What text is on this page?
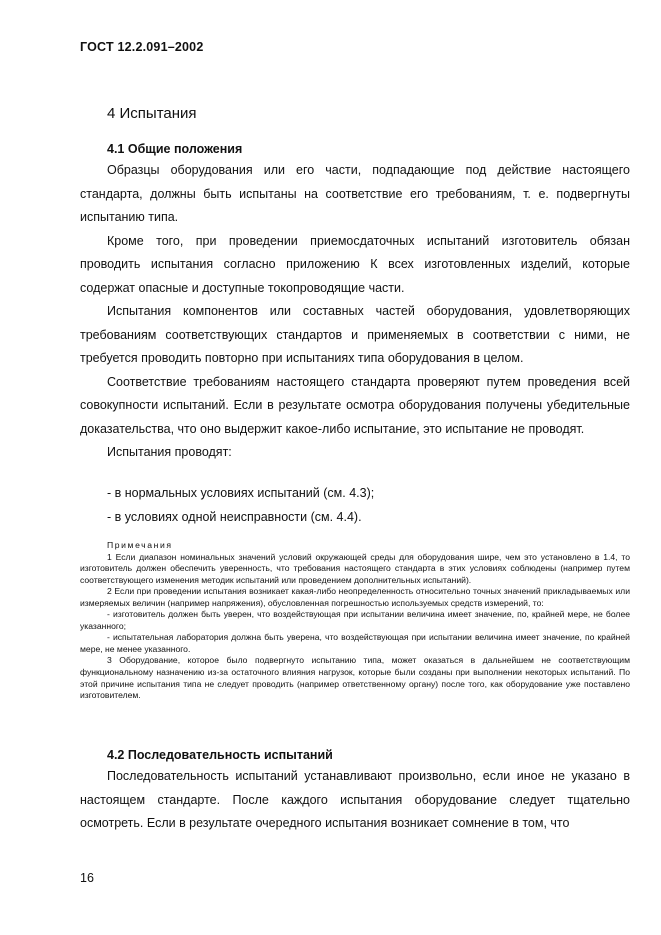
ГОСТ 12.2.091–2002
4 Испытания
4.1 Общие положения

Образцы оборудования или его части, подпадающие под действие настоящего стандарта, должны быть испытаны на соответствие его требованиям, т. е. подвергнуты испытанию типа.

Кроме того, при проведении приемосдаточных испытаний изготовитель обязан проводить испытания согласно приложению К всех изготовленных изделий, которые содержат опасные и доступные токопроводящие части.

Испытания компонентов или составных частей оборудования, удовлетворяющих требованиям соответствующих стандартов и применяемых в соответствии с ними, не требуется проводить повторно при испытаниях типа оборудования в целом.

Соответствие требованиям настоящего стандарта проверяют путем проведения всей совокупности испытаний. Если в результате осмотра оборудования получены убедительные доказательства, что оно выдержит какое-либо испытание, это испытание не проводят.

Испытания проводят:

- в нормальных условиях испытаний (см. 4.3);
- в условиях одной неисправности (см. 4.4).

Примечания

1 Если диапазон номинальных значений условий окружающей среды для оборудования шире, чем это установлено в 1.4, то изготовитель должен обеспечить уверенность, что требования настоящего стандарта в этих условиях соблюдены (например путем соответствующего изменения методик испытаний или проведением дополнительных испытаний).

2 Если при проведении испытания возникает какая-либо неопределенность относительно точных значений прикладываемых или измеряемых величин (например напряжения), обусловленная погрешностью используемых средств измерений, то:

- изготовитель должен быть уверен, что воздействующая при испытании величина имеет значение, по, крайней мере, не более указанного;

- испытательная лаборатория должна быть уверена, что воздействующая при испытании величина имеет значение, по крайней мере, не менее указанного.

3 Оборудование, которое было подвергнуто испытанию типа, может оказаться в дальнейшем не соответствующим функциональному назначению из-за остаточного влияния нагрузок, которые были созданы при выполнении некоторых испытаний. По этой причине испытания типа не следует проводить (например ответственному органу) после того, как оборудование уже поставлено изготовителем.

4.2 Последовательность испытаний

Последовательность испытаний устанавливают произвольно, если иное не указано в настоящем стандарте. После каждого испытания оборудование следует тщательно осмотреть. Если в результате очередного испытания возникает сомнение в том, что

16
